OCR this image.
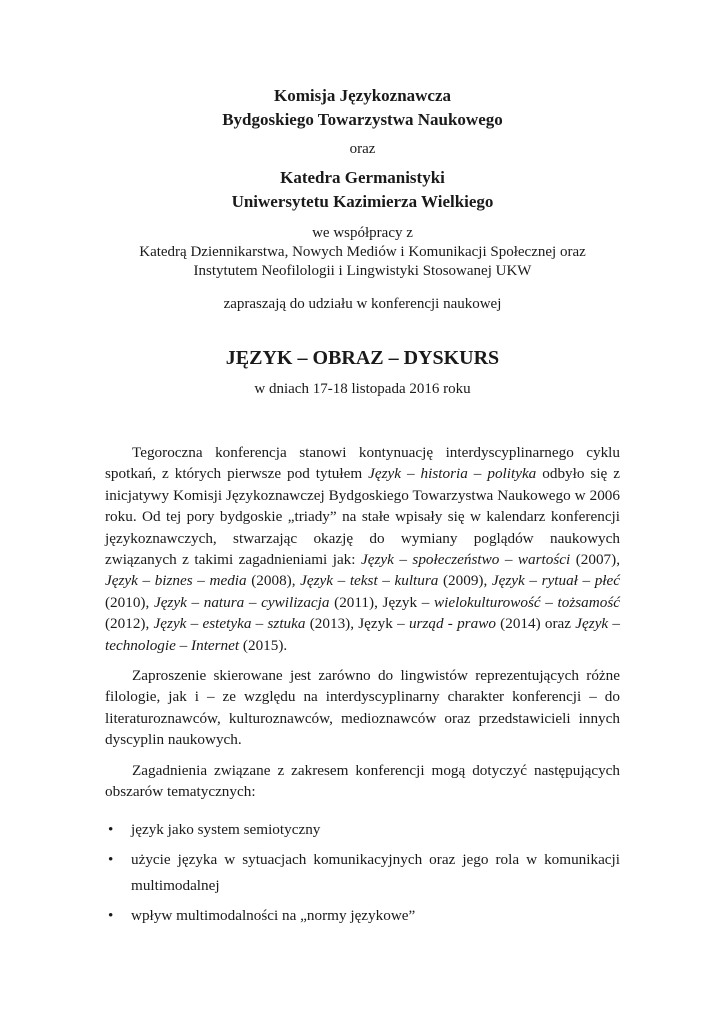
Komisja Językoznawcza
Bydgoskiego Towarzystwa Naukowego
oraz
Katedra Germanistyki
Uniwersytetu Kazimierza Wielkiego
we współpracy z
Katedrą Dziennikarstwa, Nowych Mediów i Komunikacji Społecznej oraz
Instytutem Neofilologii i Lingwistyki Stosowanej UKW
zapraszają do udziału w konferencji naukowej
JĘZYK – OBRAZ – DYSKURS
w dniach 17-18 listopada 2016 roku

Tegoroczna konferencja stanowi kontynuację interdyscyplinarnego cyklu spotkań, z których pierwsze pod tytułem Język – historia – polityka odbyło się z inicjatywy Komisji Językoznawczej Bydgoskiego Towarzystwa Naukowego w 2006 roku. Od tej pory bydgoskie „triady” na stałe wpisały się w kalendarz konferencji językoznawczych, stwarzając okazję do wymiany poglądów naukowych związanych z takimi zagadnieniami jak: Język – społeczeństwo – wartości (2007), Język – biznes – media (2008), Język – tekst – kultura (2009), Język – rytuał – płeć (2010), Język – natura – cywilizacja (2011), Język – wielokulturowość – tożsamość (2012), Język – estetyka – sztuka (2013), Język – urząd - prawo (2014) oraz Język – technologie – Internet (2015).

Zaproszenie skierowane jest zarówno do lingwistów reprezentujących różne filologie, jak i – ze względu na interdyscyplinarny charakter konferencji – do literaturoznawców, kulturoznawców, medioznawców oraz przedstawicieli innych dyscyplin naukowych.

Zagadnienia związane z zakresem konferencji mogą dotyczyć następujących obszarów tematycznych:

• język jako system semiotyczny
• użycie języka w sytuacjach komunikacyjnych oraz jego rola w komunikacji multimodalnej
• wpływ multimodalności na „normy językowe”
